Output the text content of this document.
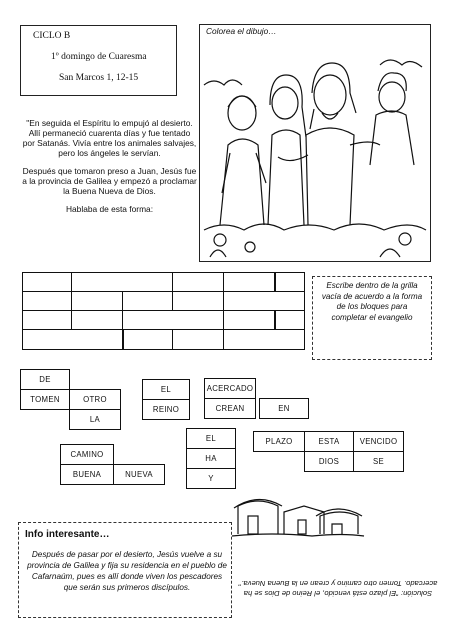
CICLO B
1º domingo de Cuaresma
San Marcos 1, 12-15

"En seguida el Espíritu lo empujó al desierto. Allí permaneció cuarenta días y fue tentado por Satanás. Vivía entre los animales salvajes, pero los ángeles le servían.

Después que tomaron preso a Juan, Jesús fue a la provincia de Galilea y empezó a proclamar la Buena Nueva de Dios.

Hablaba de esta forma:

Colorea el dibujo…
Escribe dentro de la grilla vacía de acuerdo a la forma de los bloques para completar el evangelio
DE
TOMEN	OTRO
LA
EL
REINO
ACERCADO
CREAN	EN
EL
HA
Y
PLAZO	ESTA	VENCIDO
DIOS	SE
CAMINO
BUENA	NUEVA
Info interesante…
Después de pasar por el desierto, Jesús vuelve a su provincia de Galilea y fija su residencia en el pueblo de Cafarnaúm, pues es allí donde viven los pescadores que serán sus primeros discípulos.
Solución: "El plazo está vencido, el Reino de Dios se ha acercado. Tomen otro camino y crean en la Buena Nueva."
